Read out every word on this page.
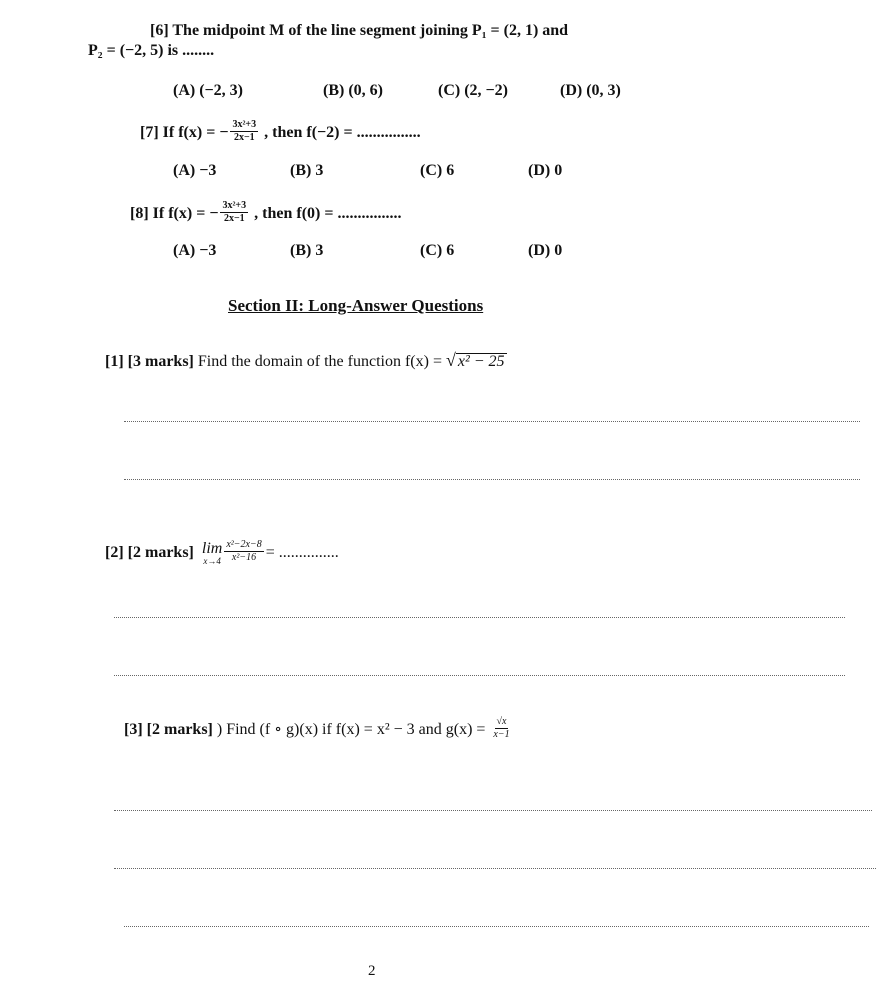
[6] The midpoint M of the line segment joining P₁ = (2, 1) and
P₂ = (−2, 5) is ........
(A) (−2, 3)	(B) (0, 6)	(C) (2, −2)	(D) (0, 3)
[7] If f(x) = − $\frac{\text{3x²+3}}{2x-1}$ , then f(−2) = ................
(A) −3	(B) 3	(C) 6	(D) 0
[8] If f(x) = − $\frac{\text{3x²+3}}{2x-1}$ , then f(0) = ................
(A) −3	(B) 3	(C) 6	(D) 0
Section II: Long-Answer Questions
[1] [3 marks] Find the domain of the function f(x) = √ x² − 25
[2] [2 marks] lim
$x\to 4 \frac{\text{x²−2x−8}}{\text{x²−16}}$ = ...............
[3] [2 marks] ) Find (f ∘ g)(x) if f(x) = x² − 3 and $g(x) = \frac{√x}{x-1}$
2
